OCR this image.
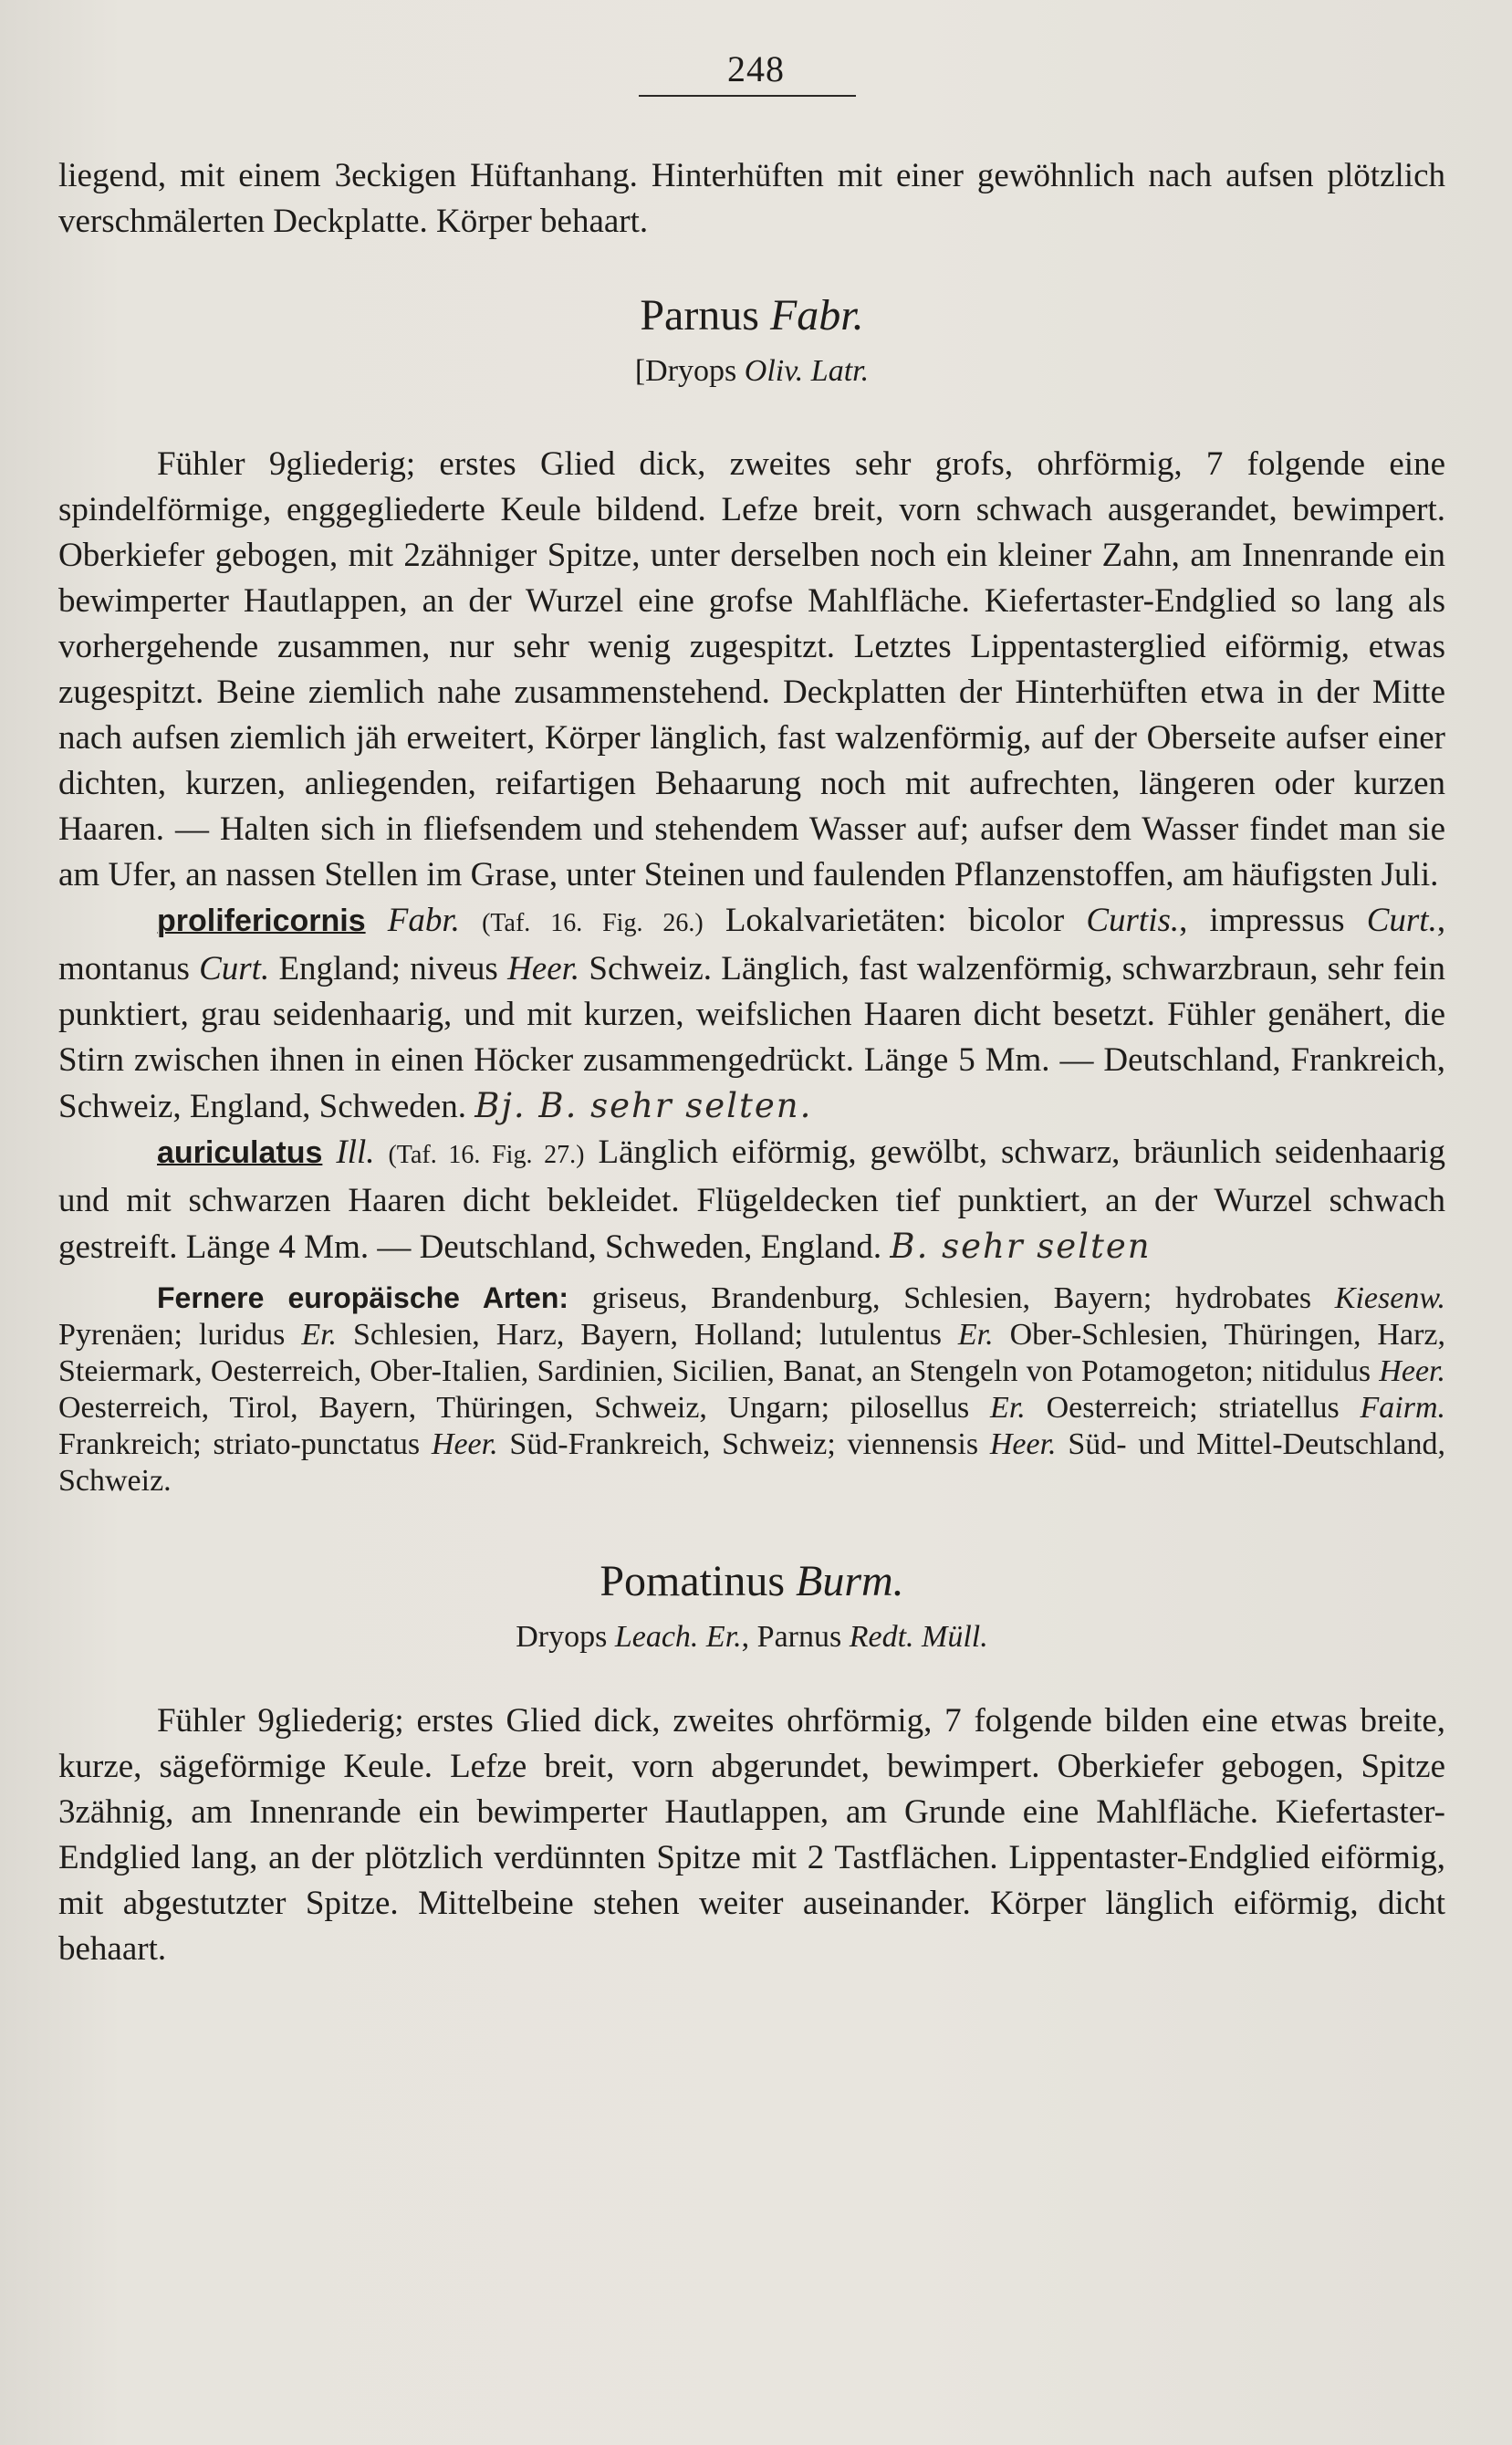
248

liegend, mit einem 3eckigen Hüftanhang. Hinterhüften mit einer gewöhnlich nach aufsen plötzlich verschmälerten Deckplatte. Körper behaart.

Parnus Fabr.

[Dryops Oliv. Latr.

Fühler 9gliederig; erstes Glied dick, zweites sehr grofs, ohrförmig, 7 folgende eine spindelförmige, enggegliederte Keule bildend. Lefze breit, vorn schwach ausgerandet, bewimpert. Oberkiefer gebogen, mit 2zähniger Spitze, unter derselben noch ein kleiner Zahn, am Innenrande ein bewimperter Hautlappen, an der Wurzel eine grofse Mahlfläche. Kiefertaster-Endglied so lang als vorhergehende zusammen, nur sehr wenig zugespitzt. Letztes Lippentasterglied eiförmig, etwas zugespitzt. Beine ziemlich nahe zusammenstehend. Deckplatten der Hinterhüften etwa in der Mitte nach aufsen ziemlich jäh erweitert, Körper länglich, fast walzenförmig, auf der Oberseite aufser einer dichten, kurzen, anliegenden, reifartigen Behaarung noch mit aufrechten, längeren oder kurzen Haaren. — Halten sich in fliefsendem und stehendem Wasser auf; aufser dem Wasser findet man sie am Ufer, an nassen Stellen im Grase, unter Steinen und faulenden Pflanzenstoffen, am häufigsten Juli.

prolifericornis Fabr. (Taf. 16. Fig. 26.) Lokalvarietäten: bicolor Curtis., impressus Curt., montanus Curt. England; niveus Heer. Schweiz. Länglich, fast walzenförmig, schwarzbraun, sehr fein punktiert, grau seidenhaarig, und mit kurzen, weifslichen Haaren dicht besetzt. Fühler genähert, die Stirn zwischen ihnen in einen Höcker zusammengedrückt. Länge 5 Mm. — Deutschland, Frankreich, Schweiz, England, Schweden. Bj. B. sehr selten.

auriculatus Ill. (Taf. 16. Fig. 27.) Länglich eiförmig, gewölbt, schwarz, bräunlich seidenhaarig und mit schwarzen Haaren dicht bekleidet. Flügeldecken tief punktiert, an der Wurzel schwach gestreift. Länge 4 Mm. — Deutschland, Schweden, England. B. sehr selten

Fernere europäische Arten: griseus, Brandenburg, Schlesien, Bayern; hydrobates Kiesenw. Pyrenäen; luridus Er. Schlesien, Harz, Bayern, Holland; lutulentus Er. Ober-Schlesien, Thüringen, Harz, Steiermark, Oesterreich, Ober-Italien, Sardinien, Sicilien, Banat, an Stengeln von Potamogeton; nitidulus Heer. Oesterreich, Tirol, Bayern, Thüringen, Schweiz, Ungarn; pilosellus Er. Oesterreich; striatellus Fairm. Frankreich; striato-punctatus Heer. Süd-Frankreich, Schweiz; viennensis Heer. Süd- und Mittel-Deutschland, Schweiz.

Pomatinus Burm.

Dryops Leach. Er., Parnus Redt. Müll.

Fühler 9gliederig; erstes Glied dick, zweites ohrförmig, 7 folgende bilden eine etwas breite, kurze, sägeförmige Keule. Lefze breit, vorn abgerundet, bewimpert. Oberkiefer gebogen, Spitze 3zähnig, am Innenrande ein bewimperter Hautlappen, am Grunde eine Mahlfläche. Kiefertaster-Endglied lang, an der plötzlich verdünnten Spitze mit 2 Tastflächen. Lippentaster-Endglied eiförmig, mit abgestutzter Spitze. Mittelbeine stehen weiter auseinander. Körper länglich eiförmig, dicht behaart.
